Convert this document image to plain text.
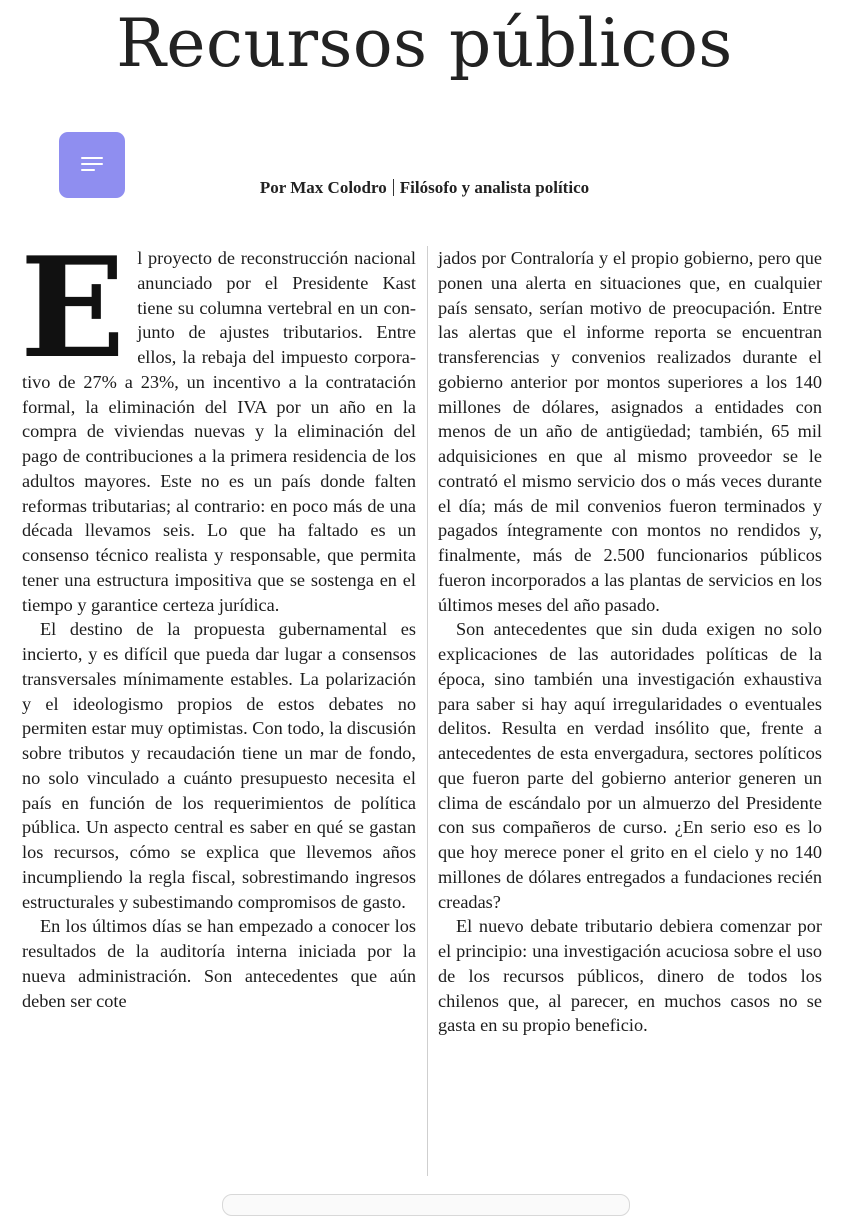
Recursos públicos
Por Max Colodro Filósofo y analista político
E l proyecto de reconstrucción nacional anunciado por el Presidente Kast tiene su columna vertebral en un conjunto de ajustes tributarios. Entre ellos, la rebaja del impuesto corporativo de 27% a 23%, un incentivo a la contratación formal, la eliminación del IVA por un año en la compra de viviendas nuevas y la eliminación del pago de contribuciones a la primera residencia de los adultos mayores. Este no es un país donde falten reformas tributarias; al contrario: en poco más de una década llevamos seis. Lo que ha faltado es un consenso técnico realista y responsable, que permita tener una estructura impositiva que se sostenga en el tiempo y garantice certeza jurídica.

El destino de la propuesta gubernamental es incierto, y es difícil que pueda dar lugar a consensos transversales mínimamente estables. La polarización y el ideologismo propios de estos debates no permiten estar muy optimistas. Con todo, la discusión sobre tributos y recaudación tiene un mar de fondo, no solo vinculado a cuánto presupuesto necesita el país en función de los requerimientos de política pública. Un aspecto central es saber en qué se gastan los recursos, cómo se explica que llevemos años incumpliendo la regla fiscal, sobrestimando ingresos estructurales y subestimando compromisos de gasto.

En los últimos días se han empezado a conocer los resultados de la auditoría interna iniciada por la nueva administración. Son antecedentes que aún deben ser cote

jados por Contraloría y el propio gobierno, pero que ponen una alerta en situaciones que, en cualquier país sensato, serían motivo de preocupación. Entre las alertas que el informe reporta se encuentran transferencias y convenios realizados durante el gobierno anterior por montos superiores a los 140 millones de dólares, asignados a entidades con menos de un año de antigüedad; también, 65 mil adquisiciones en que al mismo proveedor se le contrató el mismo servicio dos o más veces durante el día; más de mil convenios fueron terminados y pagados íntegramente con montos no rendidos y, finalmente, más de 2.500 funcionarios públicos fueron incorporados a las plantas de servicios en los últimos meses del año pasado.

Son antecedentes que sin duda exigen no solo explicaciones de las autoridades políticas de la época, sino también una investigación exhaustiva para saber si hay aquí irregularidades o eventuales delitos. Resulta en verdad insólito que, frente a antecedentes de esta envergadura, sectores políticos que fueron parte del gobierno anterior generen un clima de escándalo por un almuerzo del Presidente con sus compañeros de curso. ¿En serio eso es lo que hoy merece poner el grito en el cielo y no 140 millones de dólares entregados a fundaciones recién creadas?

El nuevo debate tributario debiera comenzar por el principio: una investigación acuciosa sobre el uso de los recursos públicos, dinero de todos los chilenos que, al parecer, en muchos casos no se gasta en su propio beneficio.
